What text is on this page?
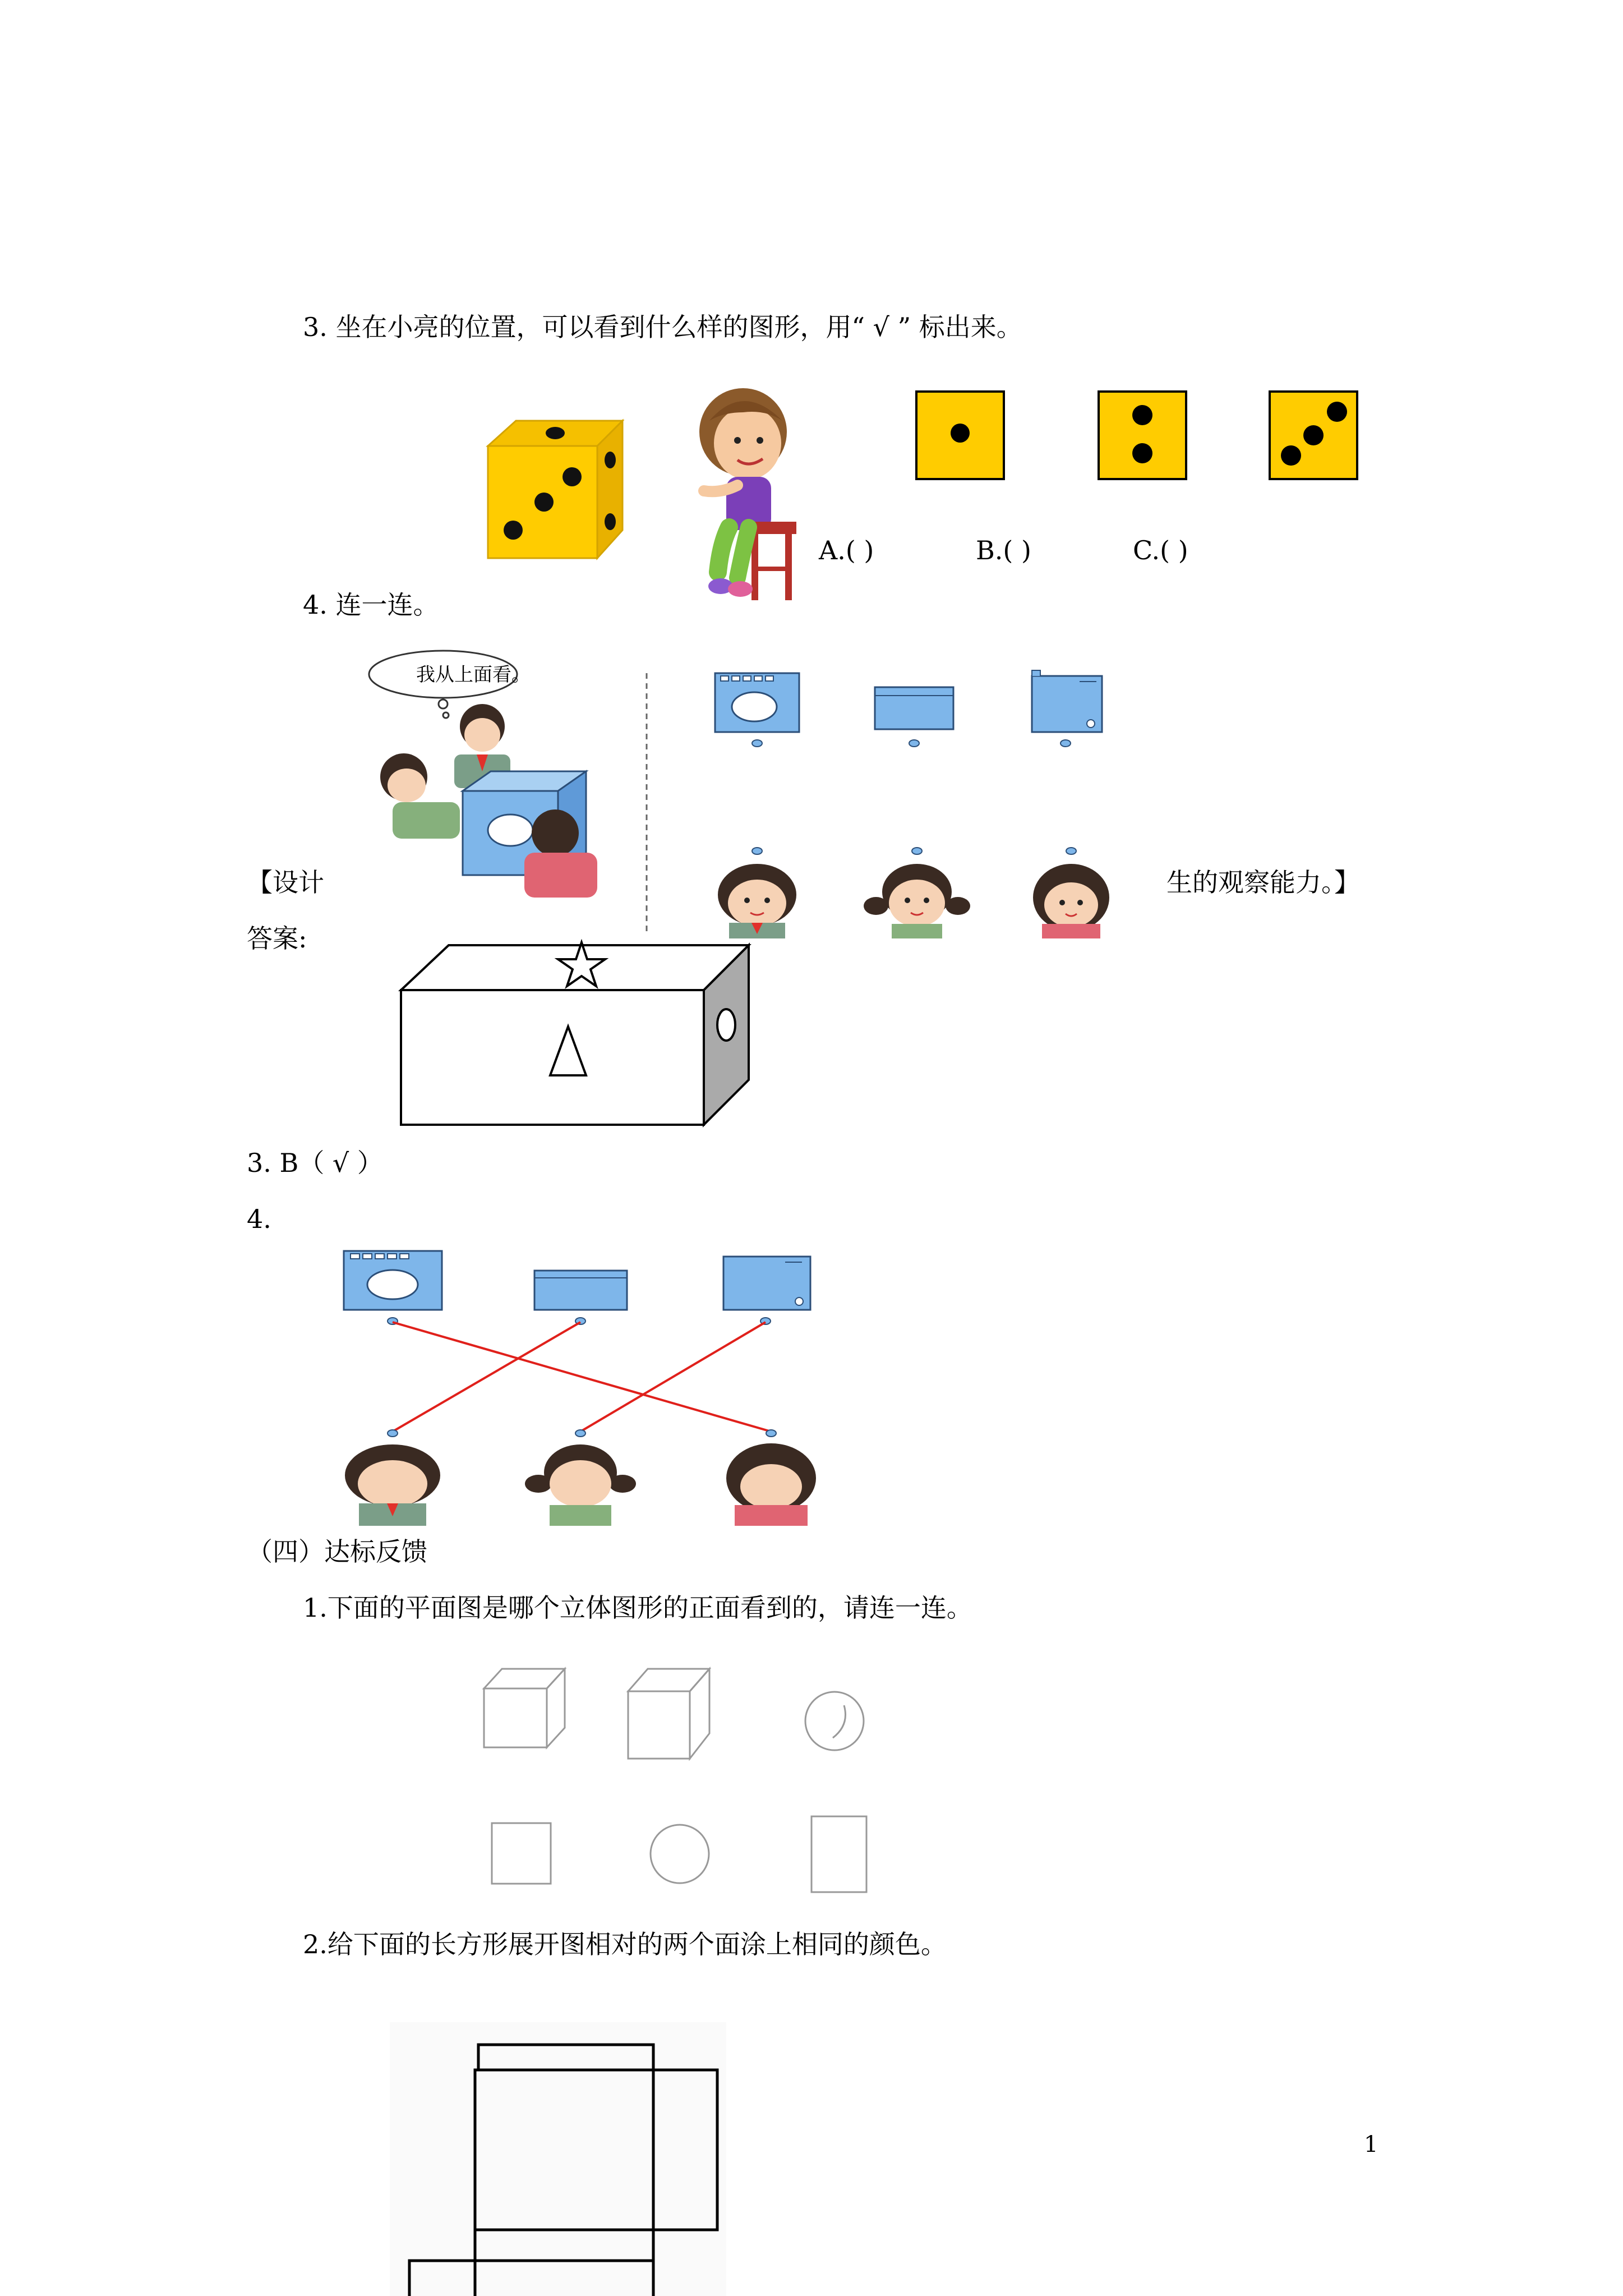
3. 坐在小亮的位置，可以看到什么样的图形，用“ √ ” 标出来。
A.( )	B.( )	C.( )
4. 连一连。
我从上面看。
【设计	生的观察能力。】
答案:
3. B（ √ ）
4.
（四）达标反馈
1.下面的平面图是哪个立体图形的正面看到的，请连一连。
2.给下面的长方形展开图相对的两个面涂上相同的颜色。
1
